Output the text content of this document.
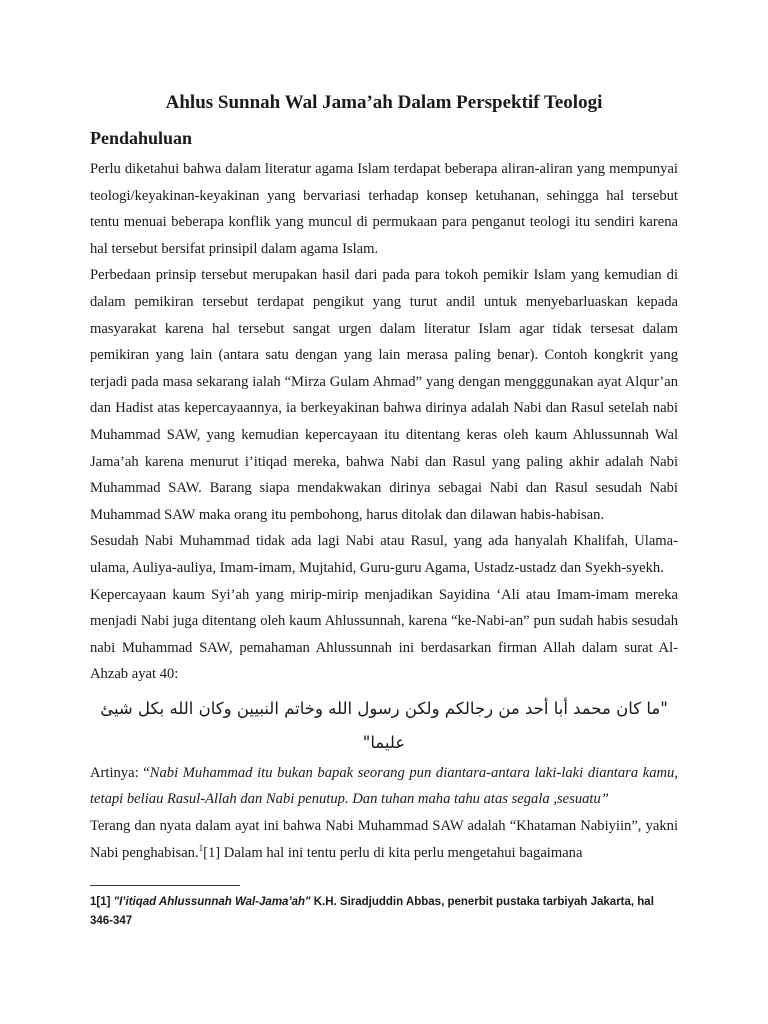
Ahlus Sunnah Wal Jama’ah Dalam Perspektif Teologi
Pendahuluan

Perlu diketahui bahwa dalam literatur agama Islam terdapat beberapa aliran-aliran yang mempunyai teologi/keyakinan-keyakinan yang bervariasi terhadap konsep ketuhanan, sehingga hal tersebut tentu menuai beberapa konflik yang muncul di permukaan para penganut teologi itu sendiri karena hal tersebut bersifat prinsipil dalam agama Islam.

Perbedaan prinsip tersebut merupakan hasil dari pada para tokoh pemikir Islam yang kemudian di dalam pemikiran tersebut terdapat pengikut yang turut andil untuk menyebarluaskan kepada masyarakat karena hal tersebut sangat urgen dalam literatur Islam agar tidak tersesat dalam pemikiran yang lain (antara satu dengan yang lain merasa paling benar). Contoh kongkrit yang terjadi pada masa sekarang ialah “Mirza Gulam Ahmad” yang dengan mengggunakan ayat Alqur’an dan Hadist atas kepercayaannya, ia berkeyakinan bahwa dirinya adalah Nabi dan Rasul setelah nabi Muhammad SAW, yang kemudian kepercayaan itu ditentang keras oleh kaum Ahlussunnah Wal Jama’ah karena menurut i’itiqad mereka, bahwa Nabi dan Rasul yang paling akhir adalah Nabi Muhammad SAW. Barang siapa mendakwakan dirinya sebagai Nabi dan Rasul sesudah Nabi Muhammad SAW maka orang itu pembohong, harus ditolak dan dilawan habis-habisan.

Sesudah Nabi Muhammad tidak ada lagi Nabi atau Rasul, yang ada hanyalah Khalifah, Ulama-ulama, Auliya-auliya, Imam-imam, Mujtahid, Guru-guru Agama, Ustadz-ustadz dan Syekh-syekh.

Kepercayaan kaum Syi’ah yang mirip-mirip menjadikan Sayidina ‘Ali atau Imam-imam mereka menjadi Nabi juga ditentang oleh kaum Ahlussunnah, karena “ke-Nabi-an” pun sudah habis sesudah nabi Muhammad SAW, pemahaman Ahlussunnah ini berdasarkan firman Allah dalam surat Al-Ahzab ayat 40:

"ما كان محمد أبا أحد من رجالكم ولكن رسول الله وخاتم النبيين وكان الله بكل شيئ عليما"

Artinya: “Nabi Muhammad itu bukan bapak seorang pun diantara-antara laki-laki diantara kamu, tetapi beliau Rasul-Allah dan Nabi penutup. Dan tuhan maha tahu atas segala ,sesuatu”

Terang dan nyata dalam ayat ini bahwa Nabi Muhammad SAW adalah “Khataman Nabiyiin”, yakni Nabi penghabisan.$^1$[1] Dalam hal ini tentu perlu di kita perlu mengetahui bagaimana

1[1] "I’itiqad Ahlussunnah Wal-Jama’ah" K.H. Siradjuddin Abbas, penerbit pustaka tarbiyah Jakarta, hal 346-347
